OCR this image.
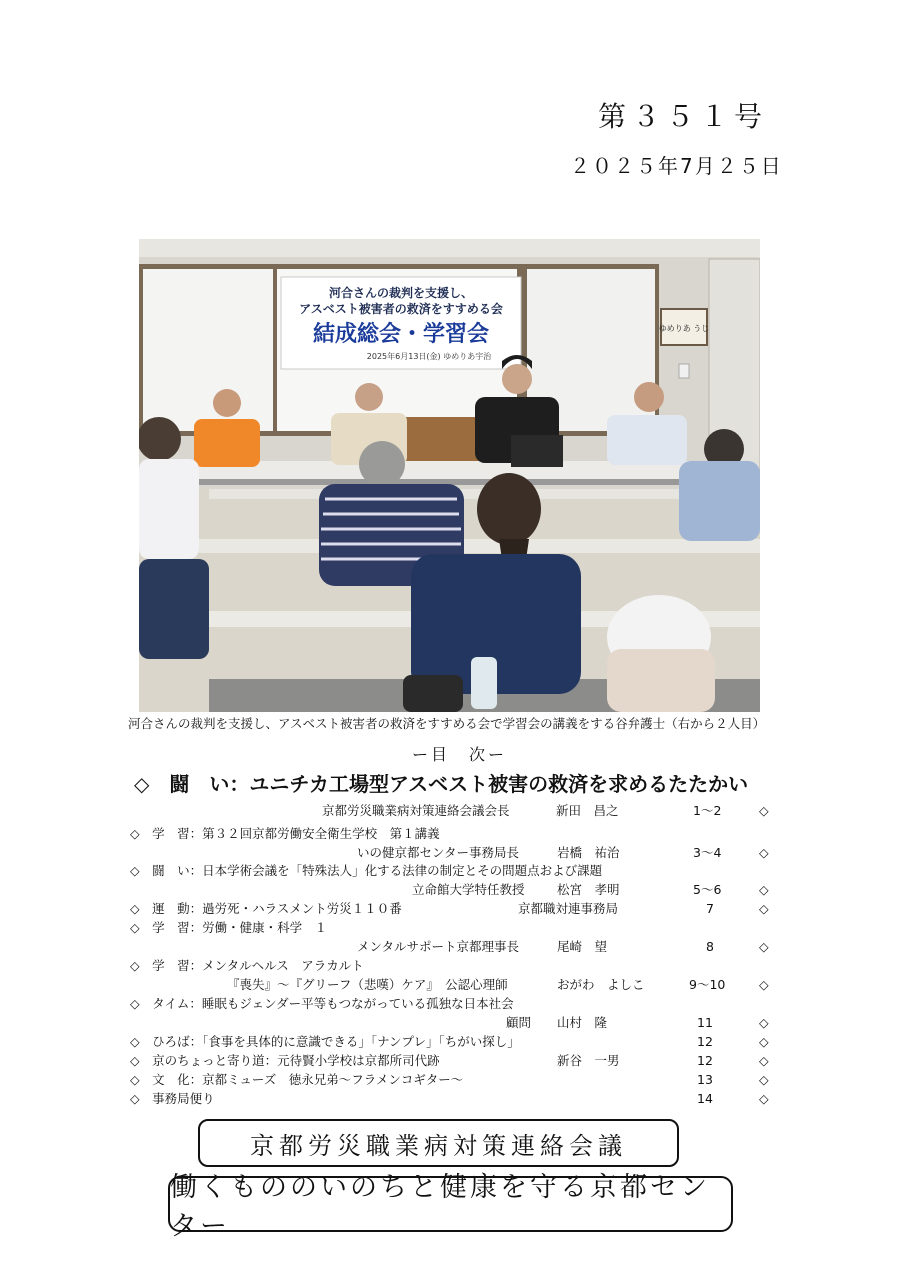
第３５１号
２０２５年7月２５日
河合さんの裁判を支援し、
アスベスト被害者の救済をすすめる会
結成総会・学習会
2025年6月13日(金) ゆめりあ宇治
ゆめりあ うじ
河合さんの裁判を支援し、アスベスト被害者の救済をすすめる会で学習会の講義をする谷弁護士（右から２人目）
ー目　次ー
◇　闘　い：ユニチカ工場型アスベスト被害の救済を求めるたたかい
京都労災職業病対策連絡会議会長	新田　昌之	1～2	◇
◇　学　習：第３２回京都労働安全衛生学校　第１講義
いの健京都センター事務局長	岩橋　祐治	3～4	◇
◇　闘　い：日本学術会議を「特殊法人」化する法律の制定とその問題点および課題
立命館大学特任教授	松宮　孝明	5～6	◇
◇　運　動：過労死・ハラスメント労災１１０番	京都職対連事務局	7	◇
◇　学　習：労働・健康・科学　１
メンタルサポート京都理事長	尾崎　望	8	◇
◇　学　習：メンタルヘルス　アラカルト
『喪失』～『グリーフ（悲嘆）ケア』　公認心理師	おがわ　よしこ	9～10	◇
◇　タイム：睡眠もジェンダー平等もつながっている孤独な日本社会
顧問 山村　隆	11	◇
◇　ひろば：「食事を具体的に意識できる」「ナンプレ」「ちがい探し」	12	◇
◇　京のちょっと寄り道：元待賢小学校は京都所司代跡	新谷　一男	12	◇
◇　文　化：京都ミューズ　徳永兄弟～フラメンコギター～	13	◇
◇　事務局便り	14	◇
京都労災職業病対策連絡会議
働くもののいのちと健康を守る京都センター
